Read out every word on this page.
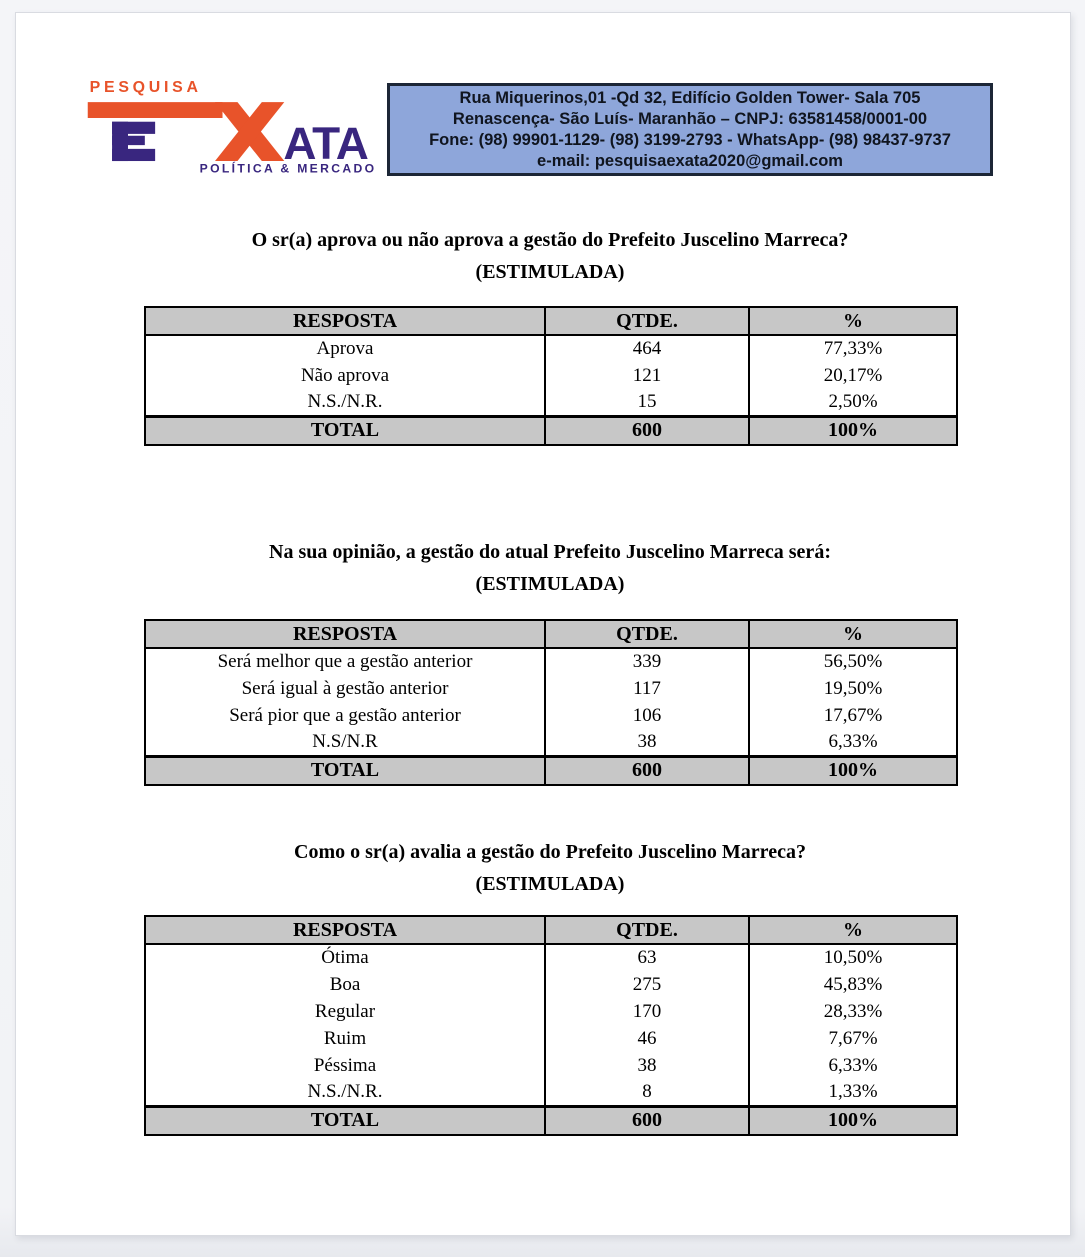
PESQUISA
ATA
POLÍTICA & MERCADO
Rua Miquerinos,01 -Qd 32, Edifício Golden Tower- Sala 705
Renascença- São Luís- Maranhão – CNPJ: 63581458/0001-00
Fone: (98) 99901-1129- (98) 3199-2793 - WhatsApp- (98) 98437-9737
e-mail: pesquisaexata2020@gmail.com
O sr(a) aprova ou não aprova a gestão do Prefeito Juscelino Marreca?
(ESTIMULADA)
RESPOSTA	QTDE.	%
Aprova	464	77,33%
Não aprova	121	20,17%
N.S./N.R.	15	2,50%
TOTAL	600	100%
Na sua opinião, a gestão do atual Prefeito Juscelino Marreca será:
(ESTIMULADA)
RESPOSTA	QTDE.	%
Será melhor que a gestão anterior	339	56,50%
Será igual à gestão anterior	117	19,50%
Será pior que a gestão anterior	106	17,67%
N.S/N.R	38	6,33%
TOTAL	600	100%
Como o sr(a) avalia a gestão do Prefeito Juscelino Marreca?
(ESTIMULADA)
RESPOSTA	QTDE.	%
Ótima	63	10,50%
Boa	275	45,83%
Regular	170	28,33%
Ruim	46	7,67%
Péssima	38	6,33%
N.S./N.R.	8	1,33%
TOTAL	600	100%
